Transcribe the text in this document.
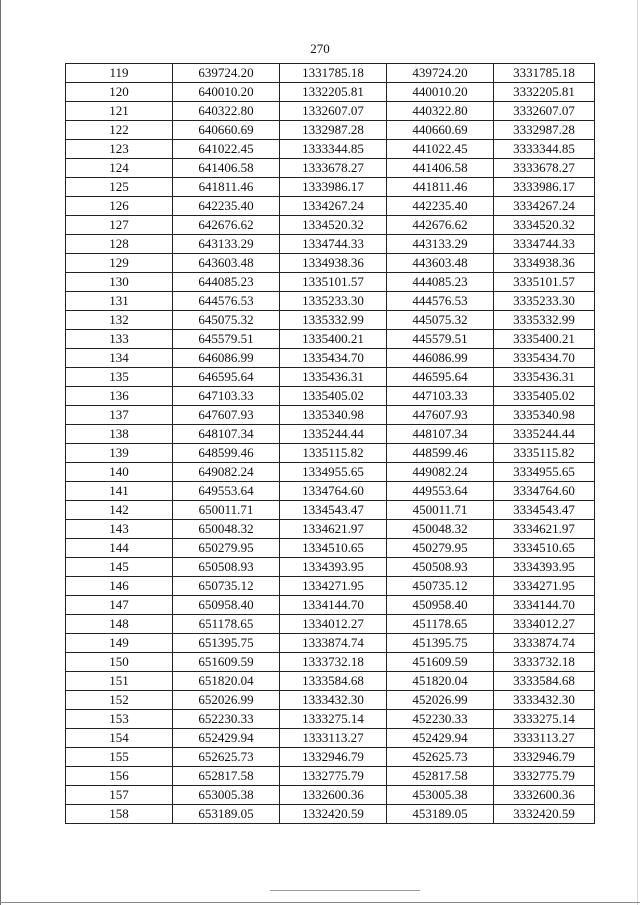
270
119	639724.20	1331785.18	439724.20	3331785.18
120	640010.20	1332205.81	440010.20	3332205.81
121	640322.80	1332607.07	440322.80	3332607.07
122	640660.69	1332987.28	440660.69	3332987.28
123	641022.45	1333344.85	441022.45	3333344.85
124	641406.58	1333678.27	441406.58	3333678.27
125	641811.46	1333986.17	441811.46	3333986.17
126	642235.40	1334267.24	442235.40	3334267.24
127	642676.62	1334520.32	442676.62	3334520.32
128	643133.29	1334744.33	443133.29	3334744.33
129	643603.48	1334938.36	443603.48	3334938.36
130	644085.23	1335101.57	444085.23	3335101.57
131	644576.53	1335233.30	444576.53	3335233.30
132	645075.32	1335332.99	445075.32	3335332.99
133	645579.51	1335400.21	445579.51	3335400.21
134	646086.99	1335434.70	446086.99	3335434.70
135	646595.64	1335436.31	446595.64	3335436.31
136	647103.33	1335405.02	447103.33	3335405.02
137	647607.93	1335340.98	447607.93	3335340.98
138	648107.34	1335244.44	448107.34	3335244.44
139	648599.46	1335115.82	448599.46	3335115.82
140	649082.24	1334955.65	449082.24	3334955.65
141	649553.64	1334764.60	449553.64	3334764.60
142	650011.71	1334543.47	450011.71	3334543.47
143	650048.32	1334621.97	450048.32	3334621.97
144	650279.95	1334510.65	450279.95	3334510.65
145	650508.93	1334393.95	450508.93	3334393.95
146	650735.12	1334271.95	450735.12	3334271.95
147	650958.40	1334144.70	450958.40	3334144.70
148	651178.65	1334012.27	451178.65	3334012.27
149	651395.75	1333874.74	451395.75	3333874.74
150	651609.59	1333732.18	451609.59	3333732.18
151	651820.04	1333584.68	451820.04	3333584.68
152	652026.99	1333432.30	452026.99	3333432.30
153	652230.33	1333275.14	452230.33	3333275.14
154	652429.94	1333113.27	452429.94	3333113.27
155	652625.73	1332946.79	452625.73	3332946.79
156	652817.58	1332775.79	452817.58	3332775.79
157	653005.38	1332600.36	453005.38	3332600.36
158	653189.05	1332420.59	453189.05	3332420.59
